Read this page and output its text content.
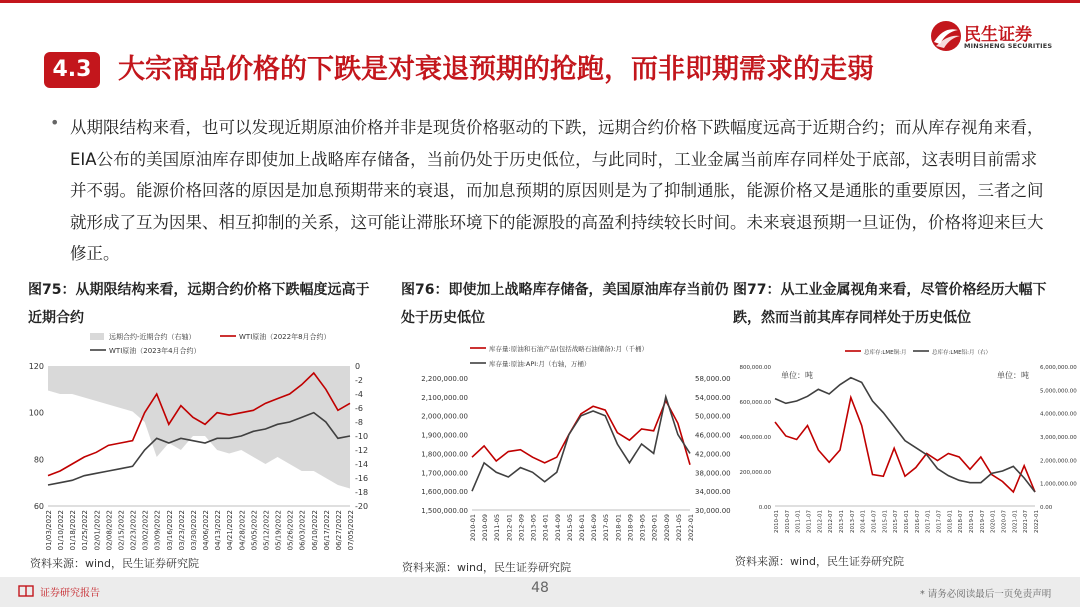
4.3 大宗商品价格的下跌是对衰退预期的抢跑，而非即期需求的走弱
民生证券
MINSHENG SECURITIES
• 从期限结构来看，也可以发现近期原油价格并非是现货价格驱动的下跌，远期合约价格下跌幅度远高于近期合约；而从库存视角来看，EIA公布的美国原油库存即使加上战略库存储备，当前仍处于历史低位，与此同时，工业金属当前库存同样处于底部，这表明目前需求并不弱。能源价格回落的原因是加息预期带来的衰退，而加息预期的原因则是为了抑制通胀，能源价格又是通胀的重要原因，三者之间就形成了互为因果、相互抑制的关系，这可能让滞胀环境下的能源股的高盈利持续较长时间。未来衰退预期一旦证伪，价格将迎来巨大修正。
图75：从期限结构来看，远期合约价格下跌幅度远高于近期合约
图76：即使加上战略库存储备，美国原油库存当前仍处于历史低位
图77：从工业金属视角来看，尽管价格经历大幅下跌，然而当前其库存同样处于历史低位
60
80
100
120	0
-2
-4
-6
-8
-10
-12
-14
-16
-18
-20
01/03/2022 01/10/2022 01/18/2022 01/25/2022 02/01/2022 02/08/2022 02/15/2022 02/23/2022 03/02/2022 03/09/2022 03/16/2022 03/23/2022 03/30/2022 04/06/2022 04/13/2022 04/21/2022 04/28/2022 05/05/2022 05/12/2022 05/19/2022 05/26/2022 06/03/2022 06/10/2022 06/17/2022 06/27/2022 07/05/2022
远期合约-近期合约（右轴）	WTI原油（2022年8月合约）
WTI原油（2023年4月合约）
1,500,000.00
1,600,000.00
1,700,000.00
1,800,000.00
1,900,000.00
2,000,000.00
2,100,000.00
2,200,000.00
30,000.00
34,000.00
38,000.00
42,000.00
46,000.00
50,000.00
54,000.00
58,000.00
2010-01 2010-09 2011-05 2012-01 2012-09 2013-05 2014-01 2014-09 2015-05 2016-01 2016-09 2017-05 2018-01 2018-09 2019-05 2020-01 2020-09 2021-05 2022-01
库存量:原油和石油产品(包括战略石油储备):月（千桶）
库存量:原油:API:月（右轴，万桶）
0.00
200,000.00
400,000.00
600,000.00
800,000.00
0.00
1,000,000.00
2,000,000.00
3,000,000.00
4,000,000.00
5,000,000.00
6,000,000.00
2010-01 2010-07 2011-01 2011-07 2012-01 2012-07 2013-01 2013-07 2014-01 2014-07 2015-01 2015-07 2016-01 2016-07 2017-01 2017-07 2018-01 2018-07 2019-01 2019-07 2020-01 2020-07 2021-01 2021-07 2022-01
总库存:LME铜:月	总库存:LME铝:月（右）
单位：吨	单位：吨
资料来源：wind，民生证券研究院	资料来源：wind，民生证券研究院	资料来源：wind，民生证券研究院
证券研究报告	48	* 请务必阅读最后一页免责声明
